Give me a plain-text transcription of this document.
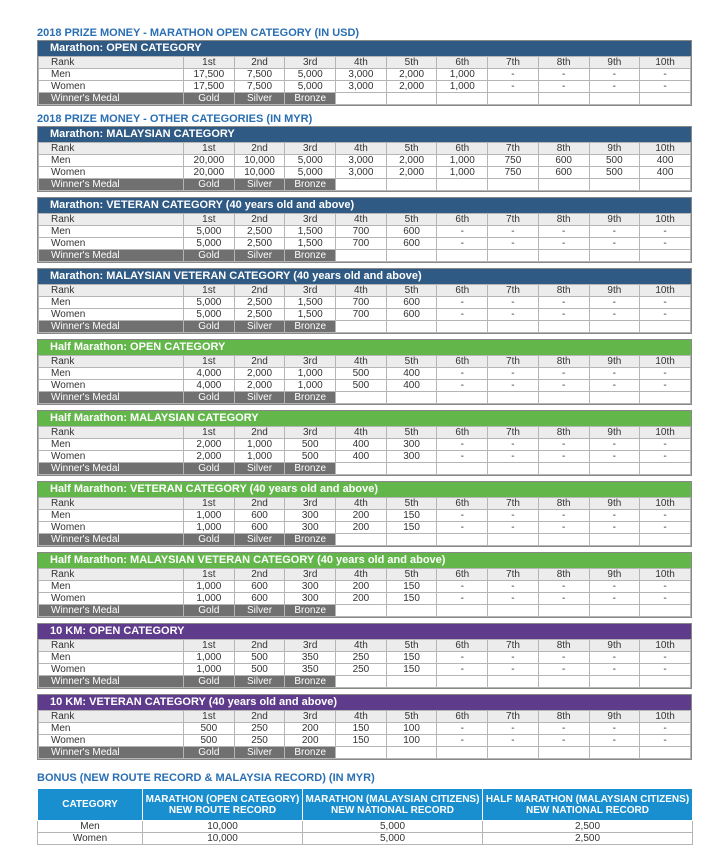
2018 PRIZE MONEY - MARATHON OPEN CATEGORY (IN USD)
2018 PRIZE MONEY - OTHER CATEGORIES (IN MYR)
BONUS (NEW ROUTE RECORD & MALAYSIA RECORD) (IN MYR)
Marathon: OPEN CATEGORY
Rank	1st	2nd	3rd	4th	5th	6th	7th	8th	9th	10th
Men	17,500	7,500	5,000	3,000	2,000	1,000	-	-	-	-
Women	17,500	7,500	5,000	3,000	2,000	1,000	-	-	-	-
Winner's Medal	Gold	Silver	Bronze							
Marathon: MALAYSIAN CATEGORY
Rank	1st	2nd	3rd	4th	5th	6th	7th	8th	9th	10th
Men	20,000	10,000	5,000	3,000	2,000	1,000	750	600	500	400
Women	20,000	10,000	5,000	3,000	2,000	1,000	750	600	500	400
Winner's Medal	Gold	Silver	Bronze							
Marathon: VETERAN CATEGORY (40 years old and above)
Rank	1st	2nd	3rd	4th	5th	6th	7th	8th	9th	10th
Men	5,000	2,500	1,500	700	600	-	-	-	-	-
Women	5,000	2,500	1,500	700	600	-	-	-	-	-
Winner's Medal	Gold	Silver	Bronze							
Marathon: MALAYSIAN VETERAN CATEGORY (40 years old and above)
Rank	1st	2nd	3rd	4th	5th	6th	7th	8th	9th	10th
Men	5,000	2,500	1,500	700	600	-	-	-	-	-
Women	5,000	2,500	1,500	700	600	-	-	-	-	-
Winner's Medal	Gold	Silver	Bronze							
Half Marathon: OPEN CATEGORY
Rank	1st	2nd	3rd	4th	5th	6th	7th	8th	9th	10th
Men	4,000	2,000	1,000	500	400	-	-	-	-	-
Women	4,000	2,000	1,000	500	400	-	-	-	-	-
Winner's Medal	Gold	Silver	Bronze							
Half Marathon: MALAYSIAN CATEGORY
Rank	1st	2nd	3rd	4th	5th	6th	7th	8th	9th	10th
Men	2,000	1,000	500	400	300	-	-	-	-	-
Women	2,000	1,000	500	400	300	-	-	-	-	-
Winner's Medal	Gold	Silver	Bronze							
Half Marathon: VETERAN CATEGORY (40 years old and above)
Rank	1st	2nd	3rd	4th	5th	6th	7th	8th	9th	10th
Men	1,000	600	300	200	150	-	-	-	-	-
Women	1,000	600	300	200	150	-	-	-	-	-
Winner's Medal	Gold	Silver	Bronze							
Half Marathon: MALAYSIAN VETERAN CATEGORY (40 years old and above)
Rank	1st	2nd	3rd	4th	5th	6th	7th	8th	9th	10th
Men	1,000	600	300	200	150	-	-	-	-	-
Women	1,000	600	300	200	150	-	-	-	-	-
Winner's Medal	Gold	Silver	Bronze							
10 KM: OPEN CATEGORY
Rank	1st	2nd	3rd	4th	5th	6th	7th	8th	9th	10th
Men	1,000	500	350	250	150	-	-	-	-	-
Women	1,000	500	350	250	150	-	-	-	-	-
Winner's Medal	Gold	Silver	Bronze							
10 KM: VETERAN CATEGORY (40 years old and above)
Rank	1st	2nd	3rd	4th	5th	6th	7th	8th	9th	10th
Men	500	250	200	150	100	-	-	-	-	-
Women	500	250	200	150	100	-	-	-	-	-
Winner's Medal	Gold	Silver	Bronze							
CATEGORY	MARATHON (OPEN CATEGORY) NEW ROUTE RECORD	MARATHON (MALAYSIAN CITIZENS) NEW NATIONAL RECORD	HALF MARATHON (MALAYSIAN CITIZENS) NEW NATIONAL RECORD
Men	10,000	5,000	2,500
Women	10,000	5,000	2,500
